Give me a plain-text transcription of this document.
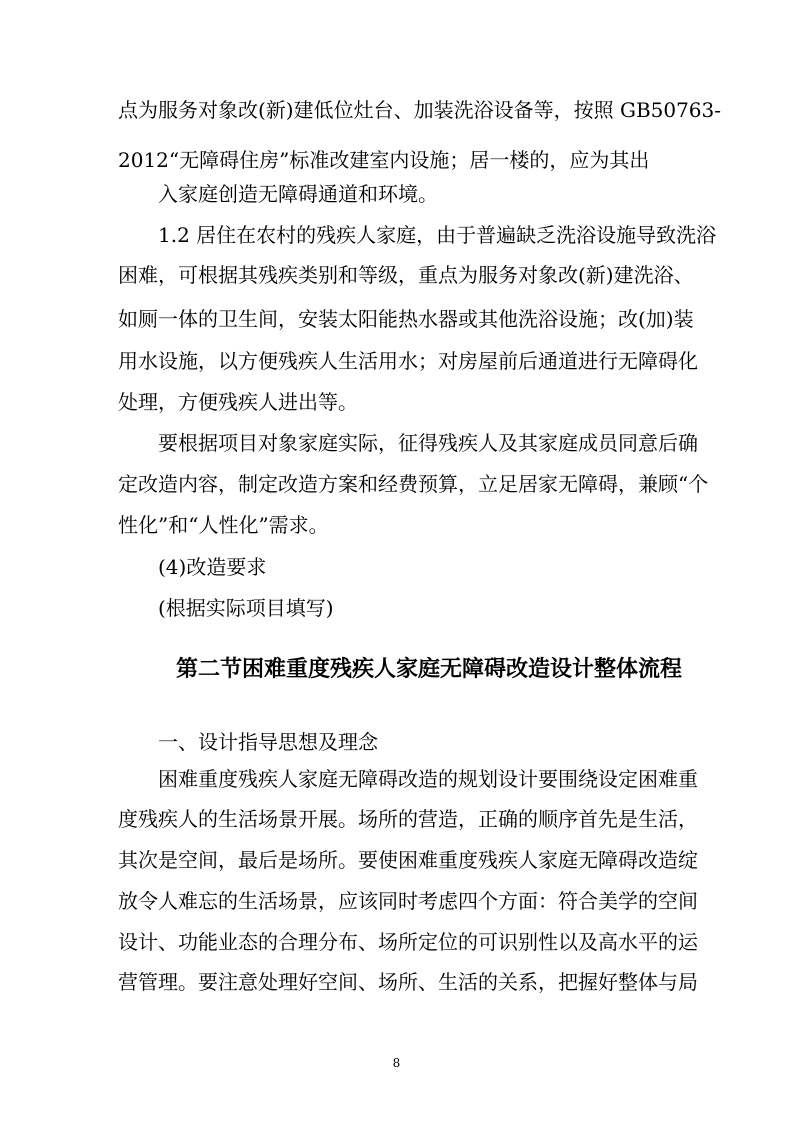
点为服务对象改(新)建低位灶台、加装洗浴设备等，按照 GB50763-
2012“无障碍住房”标准改建室内设施；居一楼的，应为其出
入家庭创造无障碍通道和环境。
1.2 居住在农村的残疾人家庭，由于普遍缺乏洗浴设施导致洗浴
困难，可根据其残疾类别和等级，重点为服务对象改(新)建洗浴、
如厕一体的卫生间，安装太阳能热水器或其他洗浴设施；改(加)装
用水设施，以方便残疾人生活用水；对房屋前后通道进行无障碍化
处理，方便残疾人进出等。
要根据项目对象家庭实际，征得残疾人及其家庭成员同意后确
定改造内容，制定改造方案和经费预算，立足居家无障碍，兼顾“个
性化”和“人性化”需求。
(4)改造要求
(根据实际项目填写)
第二节困难重度残疾人家庭无障碍改造设计整体流程
一、设计指导思想及理念
困难重度残疾人家庭无障碍改造的规划设计要围绕设定困难重
度残疾人的生活场景开展。场所的营造，正确的顺序首先是生活，
其次是空间，最后是场所。要使困难重度残疾人家庭无障碍改造绽
放令人难忘的生活场景，应该同时考虑四个方面：符合美学的空间
设计、功能业态的合理分布、场所定位的可识别性以及高水平的运
营管理。要注意处理好空间、场所、生活的关系，把握好整体与局
8
